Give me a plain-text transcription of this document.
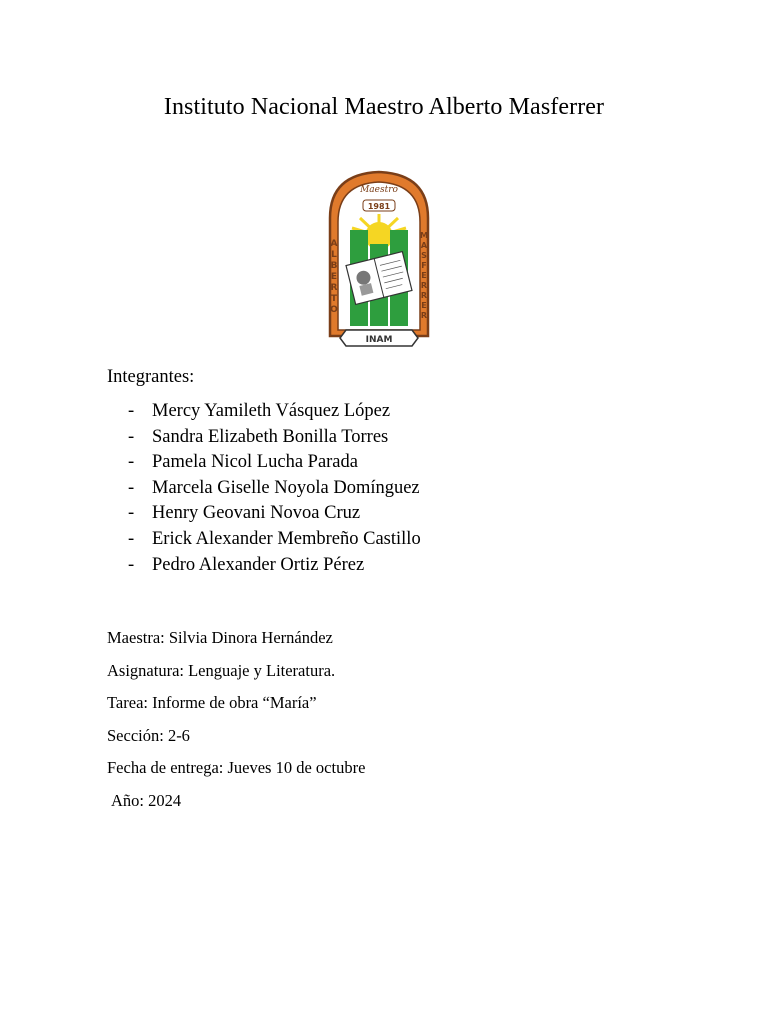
Instituto Nacional Maestro Alberto Masferrer
Maestro
1981
A L B E R T O
M A S F E R R E R
INAM
Integrantes:
- Mercy Yamileth Vásquez López
- Sandra Elizabeth Bonilla Torres
- Pamela Nicol Lucha Parada
- Marcela Giselle Noyola Domínguez
- Henry Geovani Novoa Cruz
- Erick Alexander Membreño Castillo
- Pedro Alexander Ortiz Pérez
Maestra: Silvia Dinora Hernández
Asignatura: Lenguaje y Literatura.
Tarea: Informe de obra “María”
Sección: 2-6
Fecha de entrega: Jueves 10 de octubre
Año: 2024
